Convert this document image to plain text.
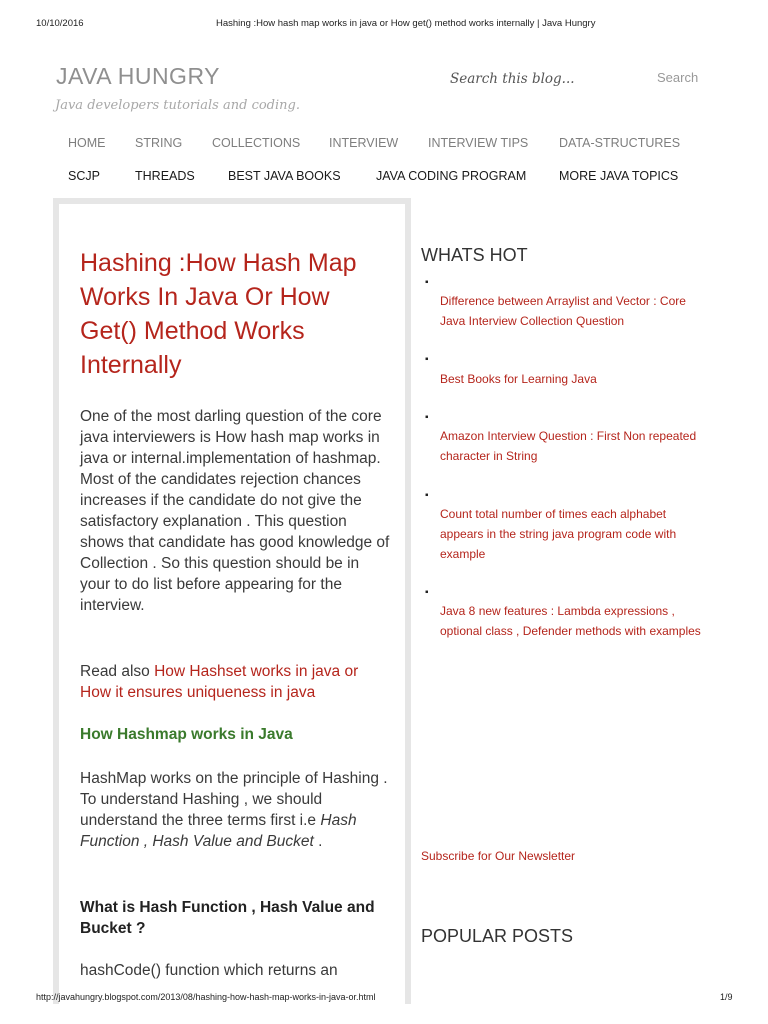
10/10/2016	Hashing :How hash map works in java or How get() method works internally | Java Hungry
JAVA HUNGRY
Java developers tutorials and coding.
Search this blog...
Search
HOME STRING COLLECTIONS INTERVIEW INTERVIEW TIPS DATA-STRUCTURES
SCJP	THREADS	BEST JAVA BOOKS	JAVA CODING PROGRAM	MORE JAVA TOPICS
Hashing :How Hash Map Works In Java Or How Get() Method Works Internally

One of the most darling question of the core java interviewers is How hash map works in java or internal.implementation of hashmap. Most of the candidates rejection chances increases if the candidate do not give the satisfactory explanation . This question shows that candidate has good knowledge of Collection . So this question should be in your to do list before appearing for the interview.

Read also How Hashset works in java or How it ensures uniqueness in java

How Hashmap works in Java

HashMap works on the principle of Hashing . To understand Hashing , we should understand the three terms first i.e Hash Function , Hash Value and Bucket .

What is Hash Function , Hash Value and Bucket ?

hashCode() function which returns an

WHATS HOT
▪
Difference between Arraylist and Vector : Core Java Interview Collection Question
▪
Best Books for Learning Java
▪
Amazon Interview Question : First Non repeated character in String
▪
Count total number of times each alphabet appears in the string java program code with example
▪
Java 8 new features : Lambda expressions , optional class , Defender methods with examples
Subscribe for Our Newsletter
POPULAR POSTS
http://javahungry.blogspot.com/2013/08/hashing-how-hash-map-works-in-java-or.html	1/9
